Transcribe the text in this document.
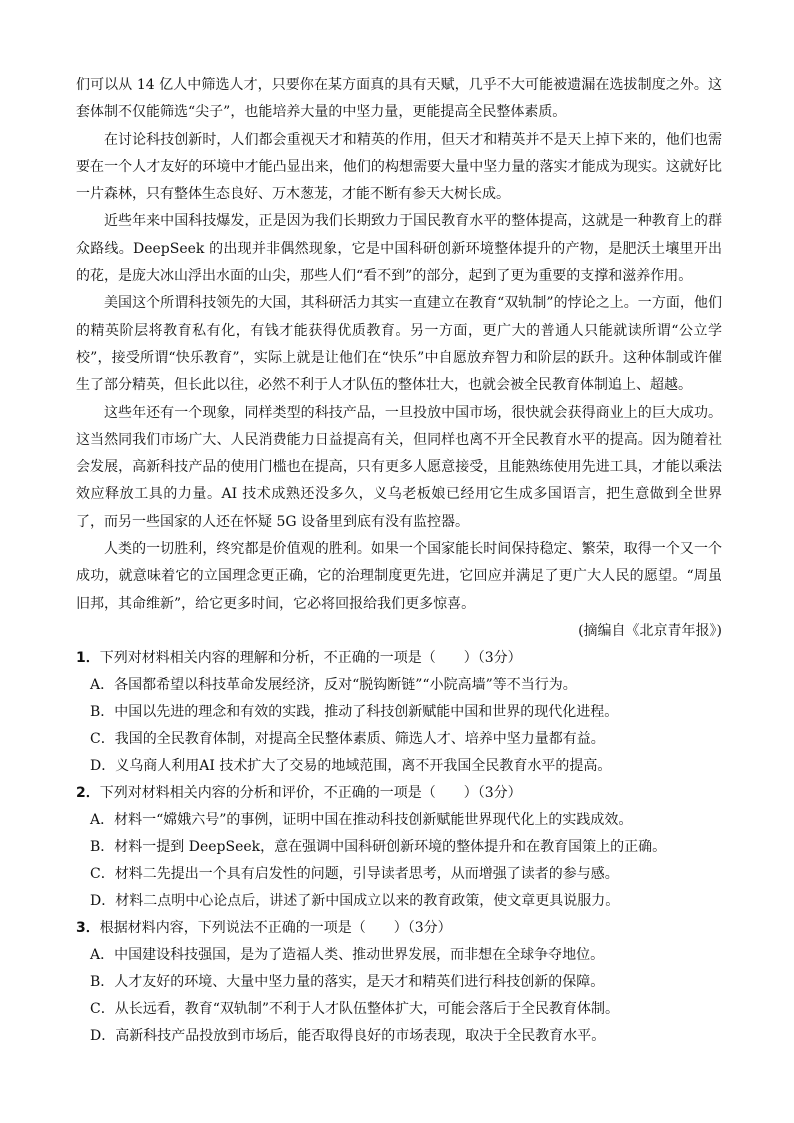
们可以从 14 亿人中筛选人才，只要你在某方面真的具有天赋，几乎不大可能被遗漏在选拔制度之外。这套体制不仅能筛选“尖子”，也能培养大量的中坚力量，更能提高全民整体素质。

在讨论科技创新时，人们都会重视天才和精英的作用，但天才和精英并不是天上掉下来的，他们也需要在一个人才友好的环境中才能凸显出来，他们的构想需要大量中坚力量的落实才能成为现实。这就好比一片森林，只有整体生态良好、万木葱茏，才能不断有参天大树长成。

近些年来中国科技爆发，正是因为我们长期致力于国民教育水平的整体提高，这就是一种教育上的群众路线。DeepSeek 的出现并非偶然现象，它是中国科研创新环境整体提升的产物，是肥沃土壤里开出的花，是庞大冰山浮出水面的山尖，那些人们“看不到”的部分，起到了更为重要的支撑和滋养作用。

美国这个所谓科技领先的大国，其科研活力其实一直建立在教育“双轨制”的悖论之上。一方面，他们的精英阶层将教育私有化，有钱才能获得优质教育。另一方面，更广大的普通人只能就读所谓“公立学校”，接受所谓“快乐教育”，实际上就是让他们在“快乐”中自愿放弃智力和阶层的跃升。这种体制或许催生了部分精英，但长此以往，必然不利于人才队伍的整体壮大，也就会被全民教育体制追上、超越。

这些年还有一个现象，同样类型的科技产品，一旦投放中国市场，很快就会获得商业上的巨大成功。这当然同我们市场广大、人民消费能力日益提高有关，但同样也离不开全民教育水平的提高。因为随着社会发展，高新科技产品的使用门槛也在提高，只有更多人愿意接受，且能熟练使用先进工具，才能以乘法效应释放工具的力量。AI 技术成熟还没多久，义乌老板娘已经用它生成多国语言，把生意做到全世界了，而另一些国家的人还在怀疑 5G 设备里到底有没有监控器。

人类的一切胜利，终究都是价值观的胜利。如果一个国家能长时间保持稳定、繁荣，取得一个又一个成功，就意味着它的立国理念更正确，它的治理制度更先进，它回应并满足了更广大人民的愿望。“周虽旧邦，其命维新”，给它更多时间，它必将回报给我们更多惊喜。

(摘编自《北京青年报》)

1．下列对材料相关内容的理解和分析，不正确的一项是（　　）（3分）

A．各国都希望以科技革命发展经济，反对“脱钩断链”“小院高墙”等不当行为。

B．中国以先进的理念和有效的实践，推动了科技创新赋能中国和世界的现代化进程。

C．我国的全民教育体制，对提高全民整体素质、筛选人才、培养中坚力量都有益。

D．义乌商人利用AI 技术扩大了交易的地域范围，离不开我国全民教育水平的提高。

2．下列对材料相关内容的分析和评价，不正确的一项是（　　）（3分）

A．材料一“嫦娥六号”的事例，证明中国在推动科技创新赋能世界现代化上的实践成效。

B．材料一提到 DeepSeek，意在强调中国科研创新环境的整体提升和在教育国策上的正确。

C．材料二先提出一个具有启发性的问题，引导读者思考，从而增强了读者的参与感。

D．材料二点明中心论点后，讲述了新中国成立以来的教育政策，使文章更具说服力。

3．根据材料内容，下列说法不正确的一项是（　　）（3分）

A．中国建设科技强国，是为了造福人类、推动世界发展，而非想在全球争夺地位。

B．人才友好的环境、大量中坚力量的落实，是天才和精英们进行科技创新的保障。

C．从长远看，教育“双轨制”不利于人才队伍整体扩大，可能会落后于全民教育体制。

D．高新科技产品投放到市场后，能否取得良好的市场表现，取决于全民教育水平。
